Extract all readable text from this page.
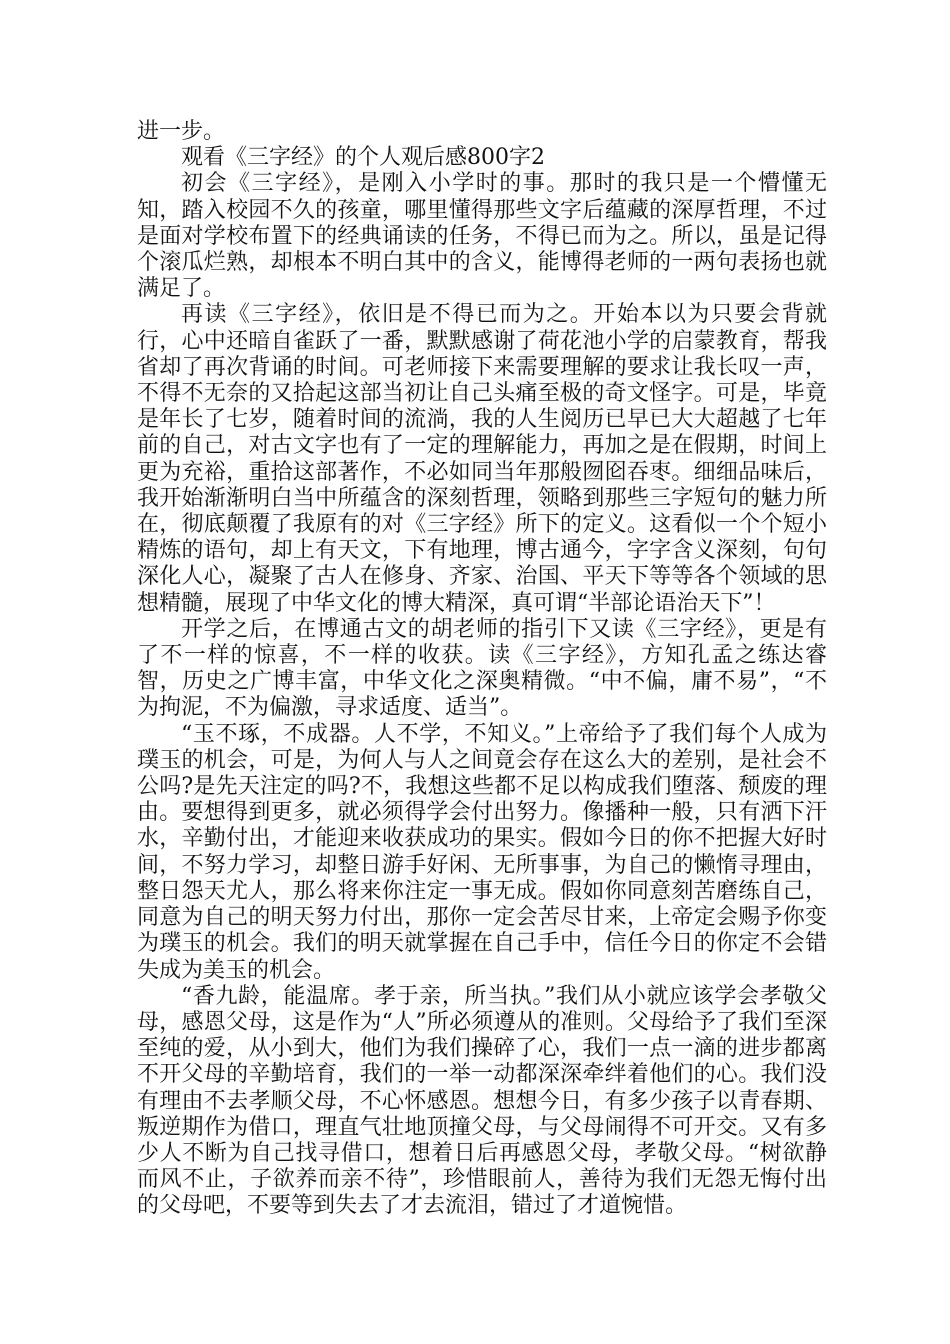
进一步。

观看《三字经》的个人观后感800字2

初会《三字经》，是刚入小学时的事。那时的我只是一个懵懂无知，踏入校园不久的孩童，哪里懂得那些文字后蕴藏的深厚哲理，不过是面对学校布置下的经典诵读的任务，不得已而为之。所以，虽是记得个滚瓜烂熟，却根本不明白其中的含义，能博得老师的一两句表扬也就满足了。

再读《三字经》，依旧是不得已而为之。开始本以为只要会背就行，心中还暗自雀跃了一番，默默感谢了荷花池小学的启蒙教育，帮我省却了再次背诵的时间。可老师接下来需要理解的要求让我长叹一声，不得不无奈的又拾起这部当初让自己头痛至极的奇文怪字。可是，毕竟是年长了七岁，随着时间的流淌，我的人生阅历已早已大大超越了七年前的自己，对古文字也有了一定的理解能力，再加之是在假期，时间上更为充裕，重拾这部著作，不必如同当年那般囫囵吞枣。细细品味后，我开始渐渐明白当中所蕴含的深刻哲理，领略到那些三字短句的魅力所在，彻底颠覆了我原有的对《三字经》所下的定义。这看似一个个短小精炼的语句，却上有天文，下有地理，博古通今，字字含义深刻，句句深化人心，凝聚了古人在修身、齐家、治国、平天下等等各个领域的思想精髓，展现了中华文化的博大精深，真可谓“半部论语治天下”！

开学之后，在博通古文的胡老师的指引下又读《三字经》，更是有了不一样的惊喜，不一样的收获。读《三字经》，方知孔孟之练达睿智，历史之广博丰富，中华文化之深奥精微。“中不偏，庸不易”，“不为拘泥，不为偏激，寻求适度、适当”。

“玉不琢，不成器。人不学，不知义。”上帝给予了我们每个人成为璞玉的机会，可是，为何人与人之间竟会存在这么大的差别，是社会不公吗?是先天注定的吗?不，我想这些都不足以构成我们堕落、颓废的理由。要想得到更多，就必须得学会付出努力。像播种一般，只有洒下汗水，辛勤付出，才能迎来收获成功的果实。假如今日的你不把握大好时间，不努力学习，却整日游手好闲、无所事事，为自己的懒惰寻理由，整日怨天尤人，那么将来你注定一事无成。假如你同意刻苦磨练自己，同意为自己的明天努力付出，那你一定会苦尽甘来，上帝定会赐予你变为璞玉的机会。我们的明天就掌握在自己手中，信任今日的你定不会错失成为美玉的机会。

“香九龄，能温席。孝于亲，所当执。”我们从小就应该学会孝敬父母，感恩父母，这是作为“人”所必须遵从的准则。父母给予了我们至深至纯的爱，从小到大，他们为我们操碎了心，我们一点一滴的进步都离不开父母的辛勤培育，我们的一举一动都深深牵绊着他们的心。我们没有理由不去孝顺父母，不心怀感恩。想想今日，有多少孩子以青春期、叛逆期作为借口，理直气壮地顶撞父母，与父母闹得不可开交。又有多少人不断为自己找寻借口，想着日后再感恩父母，孝敬父母。“树欲静而风不止，子欲养而亲不待”，珍惜眼前人，善待为我们无怨无悔付出的父母吧，不要等到失去了才去流泪，错过了才道惋惜。
